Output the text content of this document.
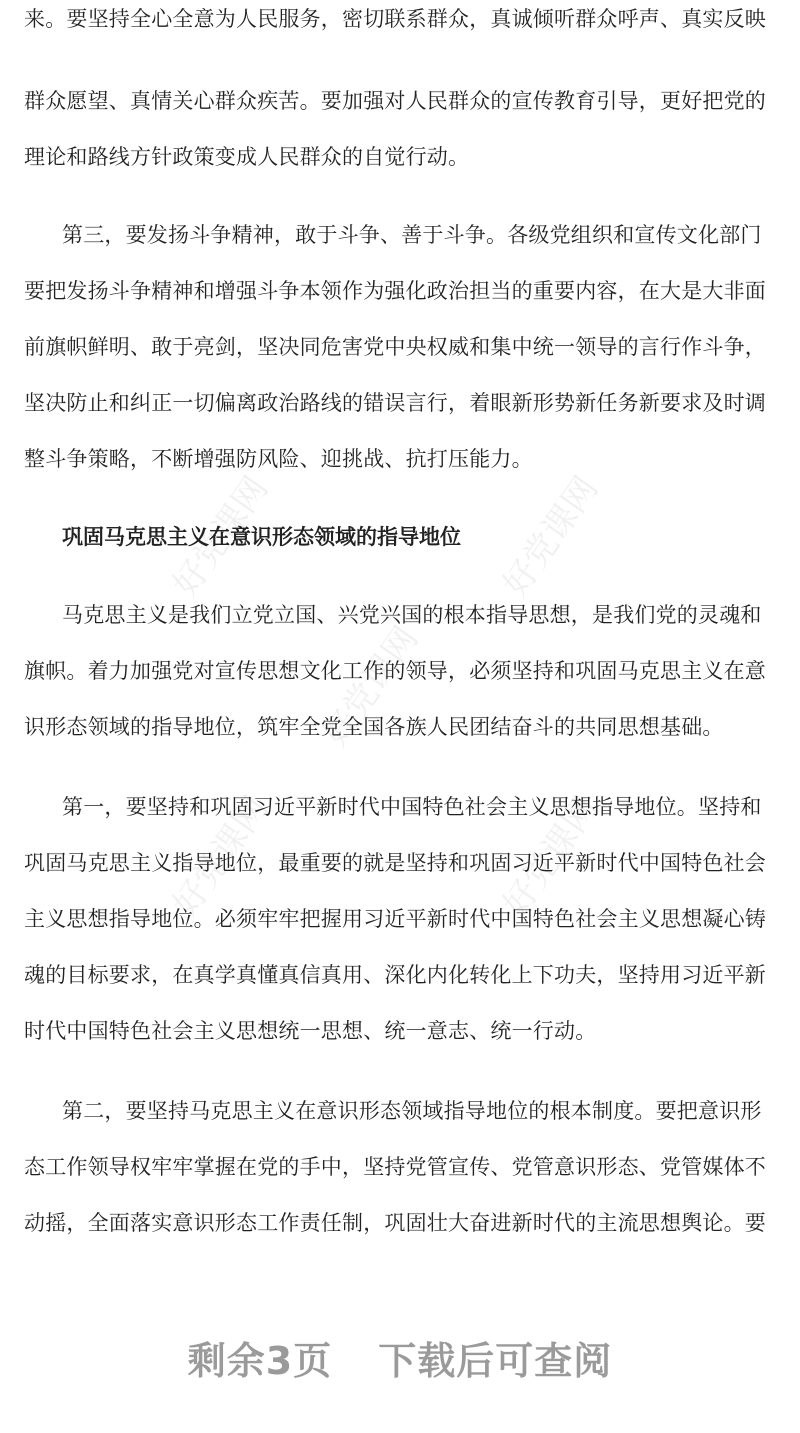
好党课网	好党课网
好党课网
好党课网	好党课网
来。要坚持全心全意为人民服务，密切联系群众，真诚倾听群众呼声、真实反映
群众愿望、真情关心群众疾苦。要加强对人民群众的宣传教育引导，更好把党的
理论和路线方针政策变成人民群众的自觉行动。
第三，要发扬斗争精神，敢于斗争、善于斗争。各级党组织和宣传文化部门
要把发扬斗争精神和增强斗争本领作为强化政治担当的重要内容，在大是大非面
前旗帜鲜明、敢于亮剑，坚决同危害党中央权威和集中统一领导的言行作斗争，
坚决防止和纠正一切偏离政治路线的错误言行，着眼新形势新任务新要求及时调
整斗争策略，不断增强防风险、迎挑战、抗打压能力。
巩固马克思主义在意识形态领域的指导地位
马克思主义是我们立党立国、兴党兴国的根本指导思想，是我们党的灵魂和
旗帜。着力加强党对宣传思想文化工作的领导，必须坚持和巩固马克思主义在意
识形态领域的指导地位，筑牢全党全国各族人民团结奋斗的共同思想基础。
第一，要坚持和巩固习近平新时代中国特色社会主义思想指导地位。坚持和
巩固马克思主义指导地位，最重要的就是坚持和巩固习近平新时代中国特色社会
主义思想指导地位。必须牢牢把握用习近平新时代中国特色社会主义思想凝心铸
魂的目标要求，在真学真懂真信真用、深化内化转化上下功夫，坚持用习近平新
时代中国特色社会主义思想统一思想、统一意志、统一行动。
第二，要坚持马克思主义在意识形态领域指导地位的根本制度。要把意识形
态工作领导权牢牢掌握在党的手中，坚持党管宣传、党管意识形态、党管媒体不
动摇，全面落实意识形态工作责任制，巩固壮大奋进新时代的主流思想舆论。要
剩余3页 下载后可查阅
